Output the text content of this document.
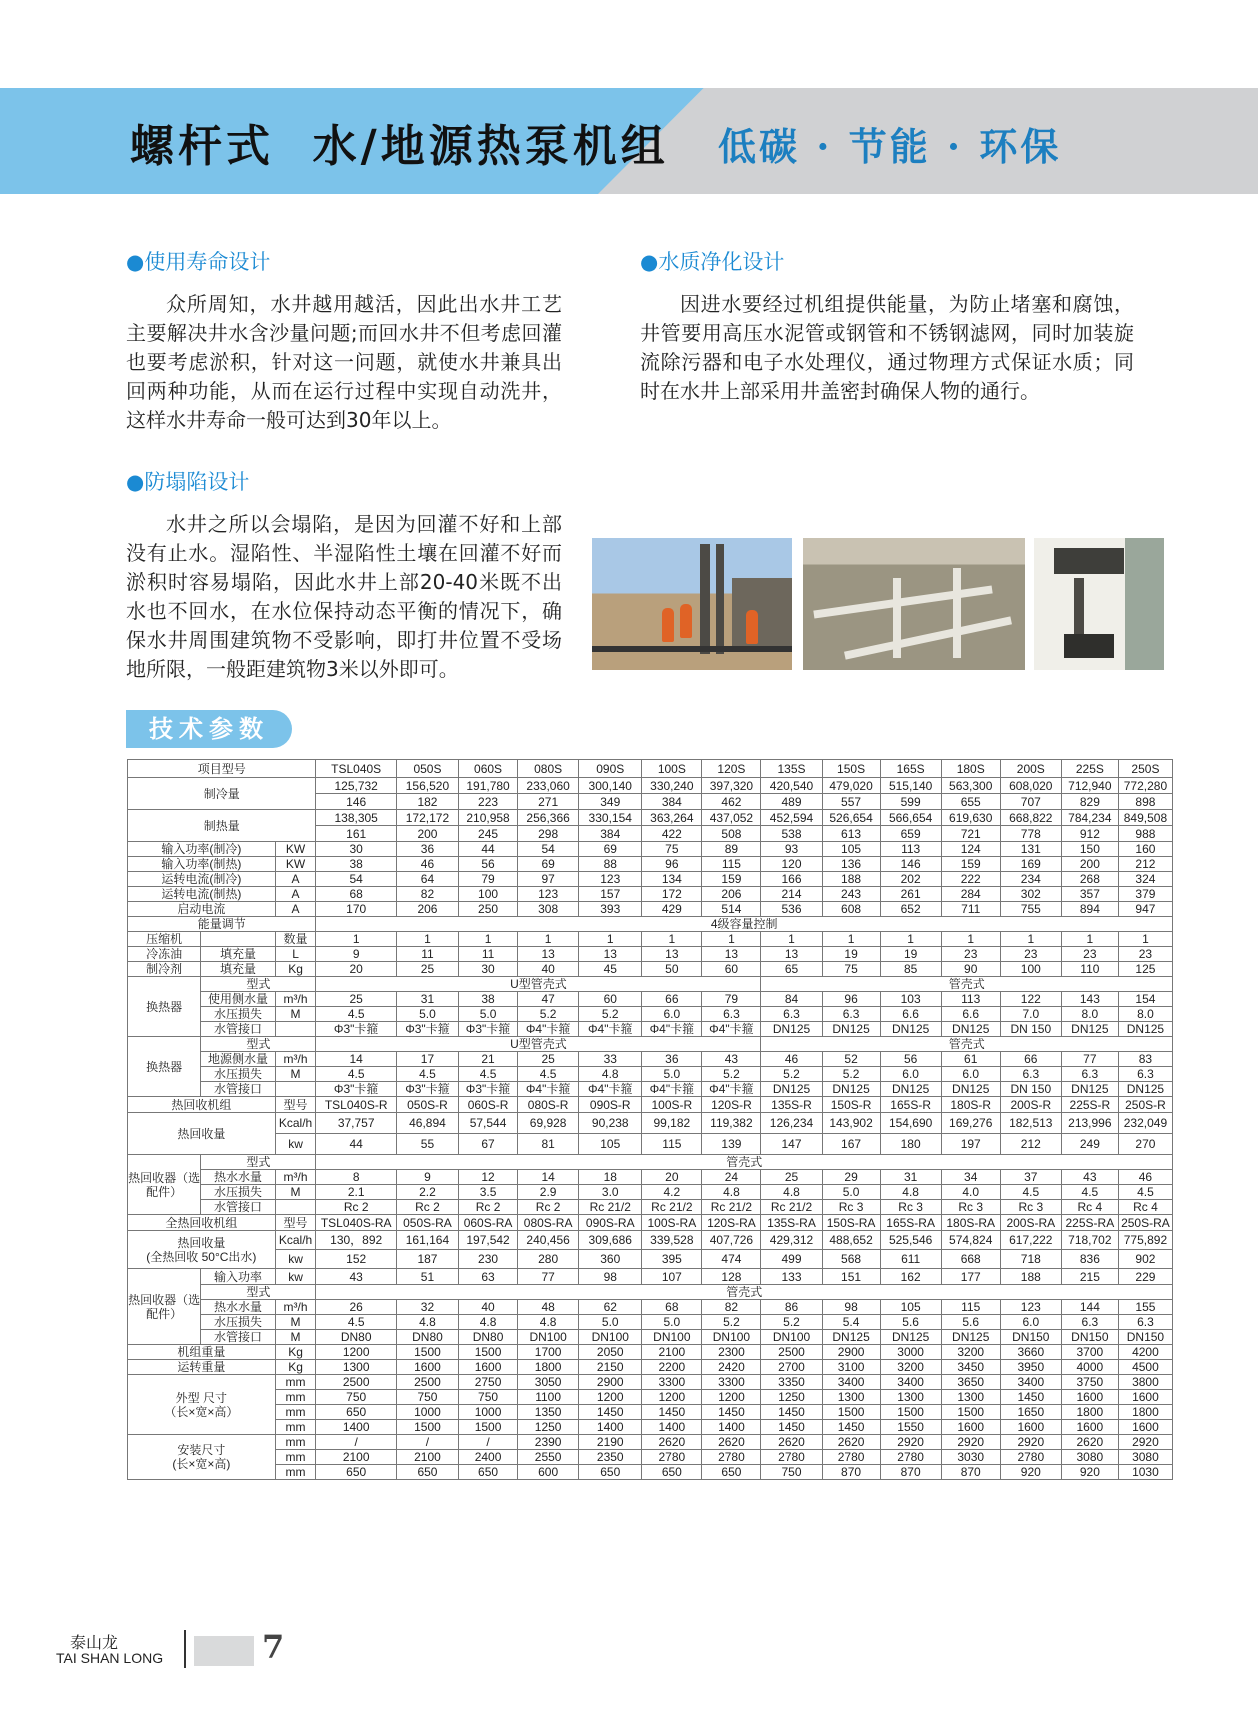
螺杆式  水/地源热泵机组 低碳 · 节能 · 环保
●使用寿命设计
众所周知，水井越用越活，因此出水井工艺主要解决井水含沙量问题;而回水井不但考虑回灌也要考虑淤积，针对这一问题，就使水井兼具出回两种功能，从而在运行过程中实现自动洗井，这样水井寿命一般可达到30年以上。
●防塌陷设计
水井之所以会塌陷，是因为回灌不好和上部没有止水。湿陷性、半湿陷性土壤在回灌不好而淤积时容易塌陷，因此水井上部20-40米既不出水也不回水，在水位保持动态平衡的情况下，确保水井周围建筑物不受影响，即打井位置不受场地所限，一般距建筑物3米以外即可。
●水质净化设计
因进水要经过机组提供能量，为防止堵塞和腐蚀，井管要用高压水泥管或钢管和不锈钢滤网，同时加装旋流除污器和电子水处理仪，通过物理方式保证水质；同时在水井上部采用井盖密封确保人物的通行。
技术参数
项目型号			TSL040S	050S	060S	080S	090S	100S	120S	135S	150S	165S	180S	200S	225S	250S
制冷量			125,732	156,520	191,780	233,060	300,140	330,240	397,320	420,540	479,020	515,140	563,300	608,020	712,940	772,280
			146	182	223	271	349	384	462	489	557	599	655	707	829	898
制热量			138,305	172,172	210,958	256,366	330,154	363,264	437,052	452,594	526,654	566,654	619,630	668,822	784,234	849,508
			161	200	245	298	384	422	508	538	613	659	721	778	912	988
输入功率(制冷)		KW	30	36	44	54	69	75	89	93	105	113	124	131	150	160
输入功率(制热)		KW	38	46	56	69	88	96	115	120	136	146	159	169	200	212
运转电流(制冷)		A	54	64	79	97	123	134	159	166	188	202	222	234	268	324
运转电流(制热)		A	68	82	100	123	157	172	206	214	243	261	284	302	357	379
启动电流		A	170	206	250	308	393	429	514	536	608	652	711	755	894	947
能量调节			4级容量控制													
压缩机		数量	1	1	1	1	1	1	1	1	1	1	1	1	1	1
冷冻油	填充量	L	9	11	11	13	13	13	13	13	19	19	23	23	23	23
制冷剂	填充量	Kg	20	25	30	40	45	50	60	65	75	85	90	100	110	125
换热器	型式		U型管壳式							管壳式						
	使用侧水量	m³/h	25	31	38	47	60	66	79	84	96	103	113	122	143	154
	水压损失	M	4.5	5.0	5.0	5.2	5.2	6.0	6.3	6.3	6.3	6.6	6.6	7.0	8.0	8.0
	水管接口		Φ3"卡箍	Φ3"卡箍	Φ3"卡箍	Φ4"卡箍	Φ4"卡箍	Φ4"卡箍	Φ4"卡箍	DN125	DN125	DN125	DN125	DN 150	DN125	DN125
换热器	型式		U型管壳式							管壳式						
	地源侧水量	m³/h	14	17	21	25	33	36	43	46	52	56	61	66	77	83
	水压损失	M	4.5	4.5	4.5	4.5	4.8	5.0	5.2	5.2	5.2	6.0	6.0	6.3	6.3	6.3
	水管接口		Φ3"卡箍	Φ3"卡箍	Φ3"卡箍	Φ4"卡箍	Φ4"卡箍	Φ4"卡箍	Φ4"卡箍	DN125	DN125	DN125	DN125	DN 150	DN125	DN125
热回收机组		型号	TSL040S-R	050S-R	060S-R	080S-R	090S-R	100S-R	120S-R	135S-R	150S-R	165S-R	180S-R	200S-R	225S-R	250S-R
热回收量		Kcal/h	37,757	46,894	57,544	69,928	90,238	99,182	119,382	126,234	143,902	154,690	169,276	182,513	213,996	232,049
		kw	44	55	67	81	105	115	139	147	167	180	197	212	249	270
热回收器（选配件）	型式		管壳式													
	热水水量	m³/h	8	9	12	14	18	20	24	25	29	31	34	37	43	46
	水压损失	M	2.1	2.2	3.5	2.9	3.0	4.2	4.8	4.8	5.0	4.8	4.0	4.5	4.5	4.5
	水管接口		Rc 2	Rc 2	Rc 2	Rc 2	Rc 21/2	Rc 21/2	Rc 21/2	Rc 21/2	Rc 3	Rc 3	Rc 3	Rc 3	Rc 4	Rc 4
全热回收机组		型号	TSL040S-RA	050S-RA	060S-RA	080S-RA	090S-RA	100S-RA	120S-RA	135S-RA	150S-RA	165S-RA	180S-RA	200S-RA	225S-RA	250S-RA

热回收量
(全热回收 50°C出水)		Kcal/h	130，892	161,164	197,542	240,456	309,686	339,528	407,726	429,312	488,652	525,546	574,824	617,222	718,702	775,892
		kw	152	187	230	280	360	395	474	499	568	611	668	718	836	902
热回收器（选配件）	输入功率	kw	43	51	63	77	98	107	128	133	151	162	177	188	215	229
	型式		管壳式													
	热水水量	m³/h	26	32	40	48	62	68	82	86	98	105	115	123	144	155
	水压损失	M	4.5	4.8	4.8	4.8	5.0	5.0	5.2	5.2	5.4	5.6	5.6	6.0	6.3	6.3
	水管接口	M	DN80	DN80	DN80	DN100	DN100	DN100	DN100	DN100	DN125	DN125	DN125	DN150	DN150	DN150
机组重量		Kg	1200	1500	1500	1700	2050	2100	2300	2500	2900	3000	3200	3660	3700	4200
运转重量		Kg	1300	1600	1600	1800	2150	2200	2420	2700	3100	3200	3450	3950	4000	4500
外型 尺寸
（长×宽×高）		mm	2500	2500	2750	3050	2900	3300	3300	3350	3400	3400	3650	3400	3750	3800
		mm	750	750	750	1100	1200	1200	1200	1250	1300	1300	1300	1450	1600	1600
		mm	650	1000	1000	1350	1450	1450	1450	1450	1500	1500	1500	1650	1800	1800
		mm	1400	1500	1500	1250	1400	1400	1400	1450	1450	1550	1600	1600	1600	1600
安装尺寸
(长×宽×高)		mm	/	/	/	2390	2190	2620	2620	2620	2620	2920	2920	2920	2620	2920
		mm	2100	2100	2400	2550	2350	2780	2780	2780	2780	2780	3030	2780	3080	3080
		mm	650	650	650	600	650	650	650	750	870	870	870	920	920	1030
泰山龙
TAI SHAN LONG	7
